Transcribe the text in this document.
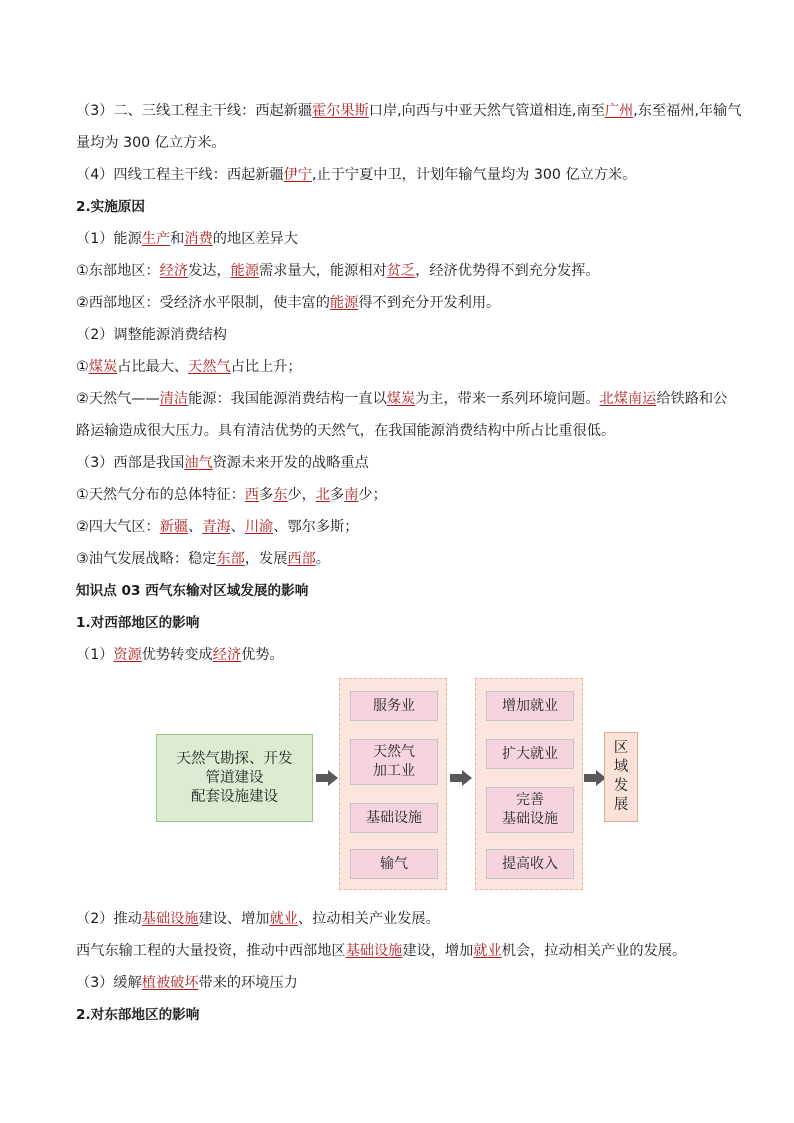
（3）二、三线工程主干线：西起新疆霍尔果斯口岸,向西与中亚天然气管道相连,南至广州,东至福州,年输气
量均为 300 亿立方米。
（4）四线工程主干线：西起新疆伊宁,止于宁夏中卫，计划年输气量均为 300 亿立方米。
2.实施原因
（1）能源生产和消费的地区差异大
①东部地区：经济发达，能源需求量大，能源相对贫乏，经济优势得不到充分发挥。
②西部地区：受经济水平限制，使丰富的能源得不到充分开发利用。
（2）调整能源消费结构
①煤炭占比最大、天然气占比上升；
②天然气——清洁能源：我国能源消费结构一直以煤炭为主，带来一系列环境问题。北煤南运给铁路和公
路运输造成很大压力。具有清洁优势的天然气，在我国能源消费结构中所占比重很低。
（3）西部是我国油气资源未来开发的战略重点
①天然气分布的总体特征：西多东少，北多南少；
②四大气区：新疆、青海、川渝、鄂尔多斯；
③油气发展战略：稳定东部，发展西部。
知识点 03 西气东输对区域发展的影响
1.对西部地区的影响
（1）资源优势转变成经济优势。
（2）推动基础设施建设、增加就业、拉动相关产业发展。
西气东输工程的大量投资，推动中西部地区基础设施建设，增加就业机会，拉动相关产业的发展。
（3）缓解植被破坏带来的环境压力
2.对东部地区的影响
天然气勘探、开发
管道建设
配套设施建设
服务业
天然气
加工业
基础设施
输气
增加就业
扩大就业
完善
基础设施
提高收入
区
域
发
展
